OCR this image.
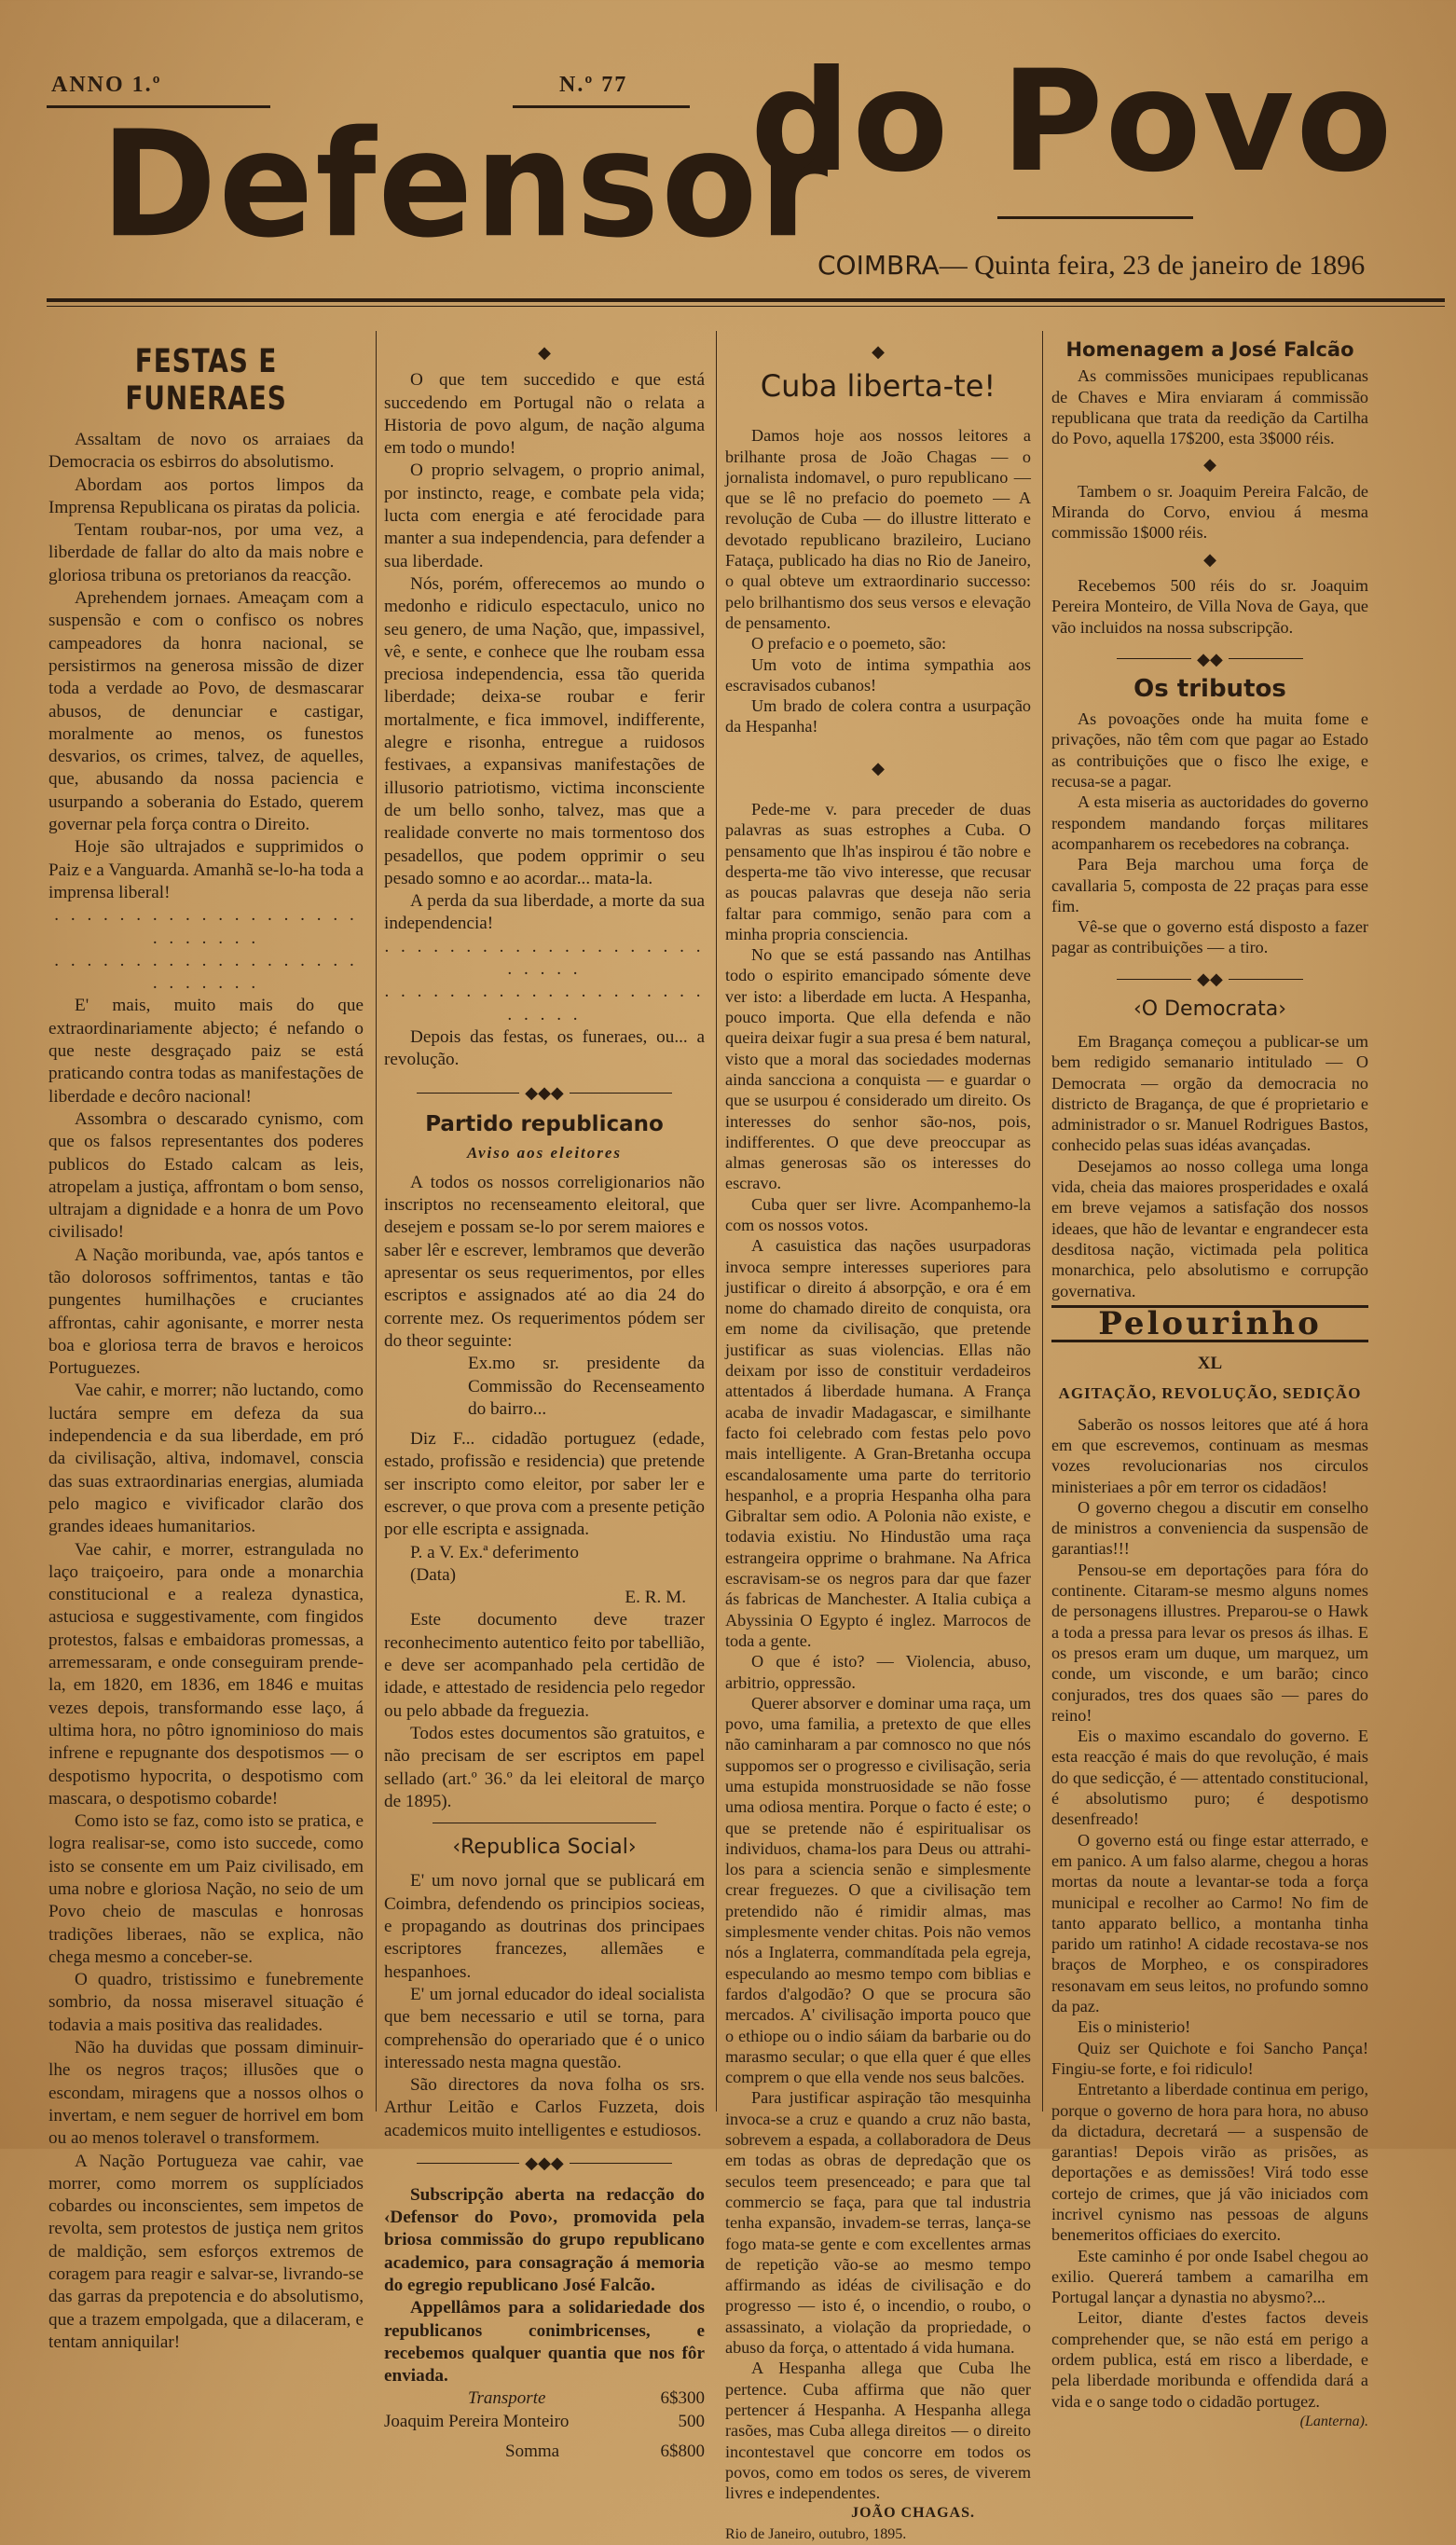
ANNO 1.º	N.º 77
Defensor
do Povo
COIMBRA— Quinta feira, 23 de janeiro de 1896
FESTAS E FUNERAES

Assaltam de novo os arraiaes da Democracia os esbirros do absolutismo.

Abordam aos portos limpos da Imprensa Republicana os piratas da policia.

Tentam roubar-nos, por uma vez, a liberdade de fallar do alto da mais nobre e gloriosa tribuna os pretorianos da reacção.

Aprehendem jornaes. Ameaçam com a suspensão e com o confisco os nobres campeadores da honra nacional, se persistirmos na generosa missão de dizer toda a verdade ao Povo, de desmascarar abusos, de denunciar e castigar, moralmente ao menos, os funestos desvarios, os crimes, talvez, de aquelles, que, abusando da nossa paciencia e usurpando a soberania do Estado, querem governar pela força contra o Direito.

Hoje são ultrajados e supprimidos o Paiz e a Vanguarda. Amanhã se-lo-ha toda a imprensa liberal!

. . . . . . . . . . . . . . . . . . . . . . . . . .

. . . . . . . . . . . . . . . . . . . . . . . . . .

E' mais, muito mais do que extraordinariamente abjecto; é nefando o que neste desgraçado paiz se está praticando contra todas as manifestações de liberdade e decôro nacional!

Assombra o descarado cynismo, com que os falsos representantes dos poderes publicos do Estado calcam as leis, atropelam a justiça, affrontam o bom senso, ultrajam a dignidade e a honra de um Povo civilisado!

A Nação moribunda, vae, após tantos e tão dolorosos soffrimentos, tantas e tão pungentes humilhações e cruciantes affrontas, cahir agonisante, e morrer nesta boa e gloriosa terra de bravos e heroicos Portuguezes.

Vae cahir, e morrer; não luctando, como luctára sempre em defeza da sua independencia e da sua liberdade, em pró da civilisação, altiva, indomavel, conscia das suas extraordinarias energias, alumiada pelo magico e vivificador clarão dos grandes ideaes humanitarios.

Vae cahir, e morrer, estrangulada no laço traiçoeiro, para onde a monarchia constitucional e a realeza dynastica, astuciosa e suggestivamente, com fingidos protestos, falsas e embaidoras promessas, a arremessaram, e onde conseguiram prende-la, em 1820, em 1836, em 1846 e muitas vezes depois, transformando esse laço, á ultima hora, no pôtro ignominioso do mais infrene e repugnante dos despotismos — o despotismo hypocrita, o despotismo com mascara, o despotismo cobarde!

Como isto se faz, como isto se pratica, e logra realisar-se, como isto succede, como isto se consente em um Paiz civilisado, em uma nobre e gloriosa Nação, no seio de um Povo cheio de masculas e honrosas tradições liberaes, não se explica, não chega mesmo a conceber-se.

O quadro, tristissimo e funebremente sombrio, da nossa miseravel situação é todavia a mais positiva das realidades.

Não ha duvidas que possam diminuir-lhe os negros traços; illusões que o escondam, miragens que a nossos olhos o invertam, e nem seguer de horrivel em bom ou ao menos toleravel o transformem.

A Nação Portugueza vae cahir, vae morrer, como morrem os supplíciados cobardes ou inconscientes, sem impetos de revolta, sem protestos de justiça nem gritos de maldição, sem esforços extremos de coragem para reagir e salvar-se, livrando-se das garras da prepotencia e do absolutismo, que a trazem empolgada, que a dilaceram, e tentam anniquilar!

◆

O que tem succedido e que está succedendo em Portugal não o relata a Historia de povo algum, de nação alguma em todo o mundo!

O proprio selvagem, o proprio animal, por instincto, reage, e combate pela vida; lucta com energia e até ferocidade para manter a sua independencia, para defender a sua liberdade.

Nós, porém, offerecemos ao mundo o medonho e ridiculo espectaculo, unico no seu genero, de uma Nação, que, impassivel, vê, e sente, e conhece que lhe roubam essa preciosa independencia, essa tão querida liberdade; deixa-se roubar e ferir mortalmente, e fica immovel, indifferente, alegre e risonha, entregue a ruidosos festivaes, a expansivas manifestações de illusorio patriotismo, victima inconsciente de um bello sonho, talvez, mas que a realidade converte no mais tormentoso dos pesadellos, que podem opprimir o seu pesado somno e ao acordar... mata-la.

A perda da sua liberdade, a morte da sua independencia!

. . . . . . . . . . . . . . . . . . . . . . . . .

. . . . . . . . . . . . . . . . . . . . . . . . .

Depois das festas, os funeraes, ou... a revolução.

◆◆◆
Partido republicano
Aviso aos eleitores

A todos os nossos correligionarios não inscriptos no recenseamento eleitoral, que desejem e possam se-lo por serem maiores e saber lêr e escrever, lembramos que deverão apresentar os seus requerimentos, por elles escriptos e assignados até ao dia 24 do corrente mez. Os requerimentos pódem ser do theor seguinte:

Ex.mo sr. presidente da Commissão do Recenseamento do bairro...

Diz F... cidadão portuguez (edade, estado, profissão e residencia) que pretende ser inscripto como eleitor, por saber ler e escrever, o que prova com a presente petição por elle escripta e assignada.

P. a V. Ex.ª deferimento

(Data)

E. R. M.

Este documento deve trazer reconhecimento autentico feito por tabellião, e deve ser acompanhado pela certidão de idade, e attestado de residencia pelo regedor ou pelo abbade da freguezia.

Todos estes documentos são gratuitos, e não precisam de ser escriptos em papel sellado (art.º 36.º da lei eleitoral de março de 1895).

‹Republica Social›

E' um novo jornal que se publicará em Coimbra, defendendo os principios socieas, e propagando as doutrinas dos principaes escriptores francezes, allemães e hespanhoes.

E' um jornal educador do ideal socialista que bem necessario e util se torna, para comprehensão do operariado que é o unico interessado nesta magna questão.

São directores da nova folha os srs. Arthur Leitão e Carlos Fuzzeta, dois academicos muito intelligentes e estudiosos.

◆◆◆

Subscripção aberta na redacção do ‹Defensor do Povo›, promovida pela briosa commissão do grupo republicano academico, para consagração á memoria do egregio republicano José Falcão.

Appellâmos para a solidariedade dos republicanos conimbricenses, e recebemos qualquer quantia que nos fôr enviada.

Transporte	6$300
Joaquim Pereira Monteiro	500
Somma	6$800
◆
Cuba liberta-te!

Damos hoje aos nossos leitores a brilhante prosa de João Chagas — o jornalista indomavel, o puro republicano — que se lê no prefacio do poemeto — A revolução de Cuba — do illustre litterato e devotado republicano brazileiro, Luciano Fataça, publicado ha dias no Rio de Janeiro, o qual obteve um extraordinario successo: pelo brilhantismo dos seus versos e elevação de pensamento.

O prefacio e o poemeto, são:

Um voto de intima sympathia aos escravisados cubanos!

Um brado de colera contra a usurpação da Hespanha!

◆

Pede-me v. para preceder de duas palavras as suas estrophes a Cuba. O pensamento que lh'as inspirou é tão nobre e desperta-me tão vivo interesse, que recusar as poucas palavras que deseja não seria faltar para commigo, senão para com a minha propria consciencia.

No que se está passando nas Antilhas todo o espirito emancipado sómente deve ver isto: a liberdade em lucta. A Hespanha, pouco importa. Que ella defenda e não queira deixar fugir a sua presa é bem natural, visto que a moral das sociedades modernas ainda sancciona a conquista — e guardar o que se usurpou é considerado um direito. Os interesses do senhor são-nos, pois, indifferentes. O que deve preoccupar as almas generosas são os interesses do escravo.

Cuba quer ser livre. Acompanhemo-la com os nossos votos.

A casuistica das nações usurpadoras invoca sempre interesses superiores para justificar o direito á absorpção, e ora é em nome do chamado direito de conquista, ora em nome da civilisação, que pretende justificar as suas violencias. Ellas não deixam por isso de constituir verdadeiros attentados á liberdade humana. A França acaba de invadir Madagascar, e similhante facto foi celebrado com festas pelo povo mais intelligente. A Gran-Bretanha occupa escandalosamente uma parte do territorio hespanhol, e a propria Hespanha olha para Gibraltar sem odio. A Polonia não existe, e todavia existiu. No Hindustão uma raça estrangeira opprime o brahmane. Na Africa escravisam-se os negros para dar que fazer ás fabricas de Manchester. A Italia cubiça a Abyssinia O Egypto é inglez. Marrocos de toda a gente.

O que é isto? — Violencia, abuso, arbitrio, oppressão.

Querer absorver e dominar uma raça, um povo, uma familia, a pretexto de que elles não caminharam a par comnosco no que nós suppomos ser o progresso e civilisação, seria uma estupida monstruosidade se não fosse uma odiosa mentira. Porque o facto é este; o que se pretende não é espiritualisar os individuos, chama-los para Deus ou attrahi-los para a sciencia senão e simplesmente crear freguezes. O que a civilisação tem pretendido não é rimidir almas, mas simplesmente vender chitas. Pois não vemos nós a Inglaterra, commandítada pela egreja, especulando ao mesmo tempo com biblias e fardos d'algodão? O que se procura são mercados. A' civilisação importa pouco que o ethiope ou o indio sáiam da barbarie ou do marasmo secular; o que ella quer é que elles comprem o que ella vende nos seus balcões.

Para justificar aspiração tão mesquinha invoca-se a cruz e quando a cruz não basta, sobrevem a espada, a collaboradora de Deus em todas as obras de depredação que os seculos teem presenceado; e para que tal commercio se faça, para que tal industria tenha expansão, invadem-se terras, lança-se fogo mata-se gente e com excellentes armas de repetição vão-se ao mesmo tempo affirmando as idéas de civilisação e do progresso — isto é, o incendio, o roubo, o assassinato, a violação da propriedade, o abuso da força, o attentado á vida humana.

A Hespanha allega que Cuba lhe pertence. Cuba affirma que não quer pertencer á Hespanha. A Hespanha allega rasões, mas Cuba allega direitos — o direito incontestavel que concorre em todos os povos, como em todos os seres, de viverem livres e independentes.

JOÃO CHAGAS.

Rio de Janeiro, outubro, 1895.

Homenagem a José Falcão

As commissões municipaes republicanas de Chaves e Mira enviaram á commissão republicana que trata da reedição da Cartilha do Povo, aquella 17$200, esta 3$000 réis.

◆

Tambem o sr. Joaquim Pereira Falcão, de Miranda do Corvo, enviou á mesma commissão 1$000 réis.

◆

Recebemos 500 réis do sr. Joaquim Pereira Monteiro, de Villa Nova de Gaya, que vão incluidos na nossa subscripção.

◆◆
Os tributos

As povoações onde ha muita fome e privações, não têm com que pagar ao Estado as contribuições que o fisco lhe exige, e recusa-se a pagar.

A esta miseria as auctoridades do governo respondem mandando forças militares acompanharem os recebedores na cobrança.

Para Beja marchou uma força de cavallaria 5, composta de 22 praças para esse fim.

Vê-se que o governo está disposto a fazer pagar as contribuições — a tiro.

◆◆
‹O Democrata›

Em Bragança começou a publicar-se um bem redigido semanario intitulado — O Democrata — orgão da democracia no districto de Bragança, de que é proprietario e administrador o sr. Manuel Rodrigues Bastos, conhecido pelas suas idéas avançadas.

Desejamos ao nosso collega uma longa vida, cheia das maiores prosperidades e oxalá em breve vejamos a satisfação dos nossos ideaes, que hão de levantar e engrandecer esta desditosa nação, victimada pela politica monarchica, pelo absolutismo e corrupção governativa.

Pelourinho
XL
AGITAÇÃO, REVOLUÇÃO, SEDIÇÃO

Saberão os nossos leitores que até á hora em que escrevemos, continuam as mesmas vozes revolucionarias nos circulos ministeriaes a pôr em terror os cidadãos!

O governo chegou a discutir em conselho de ministros a conveniencia da suspensão de garantias!!!

Pensou-se em deportações para fóra do continente. Citaram-se mesmo alguns nomes de personagens illustres. Preparou-se o Hawk a toda a pressa para levar os presos ás ilhas. E os presos eram um duque, um marquez, um conde, um visconde, e um barão; cinco conjurados, tres dos quaes são — pares do reino!

Eis o maximo escandalo do governo. E esta reacção é mais do que revolução, é mais do que sedicção, é — attentado constitucional, é absolutismo puro; é despotismo desenfreado!

O governo está ou finge estar atterrado, e em panico. A um falso alarme, chegou a horas mortas da noute a levantar-se toda a força municipal e recolher ao Carmo! No fim de tanto apparato bellico, a montanha tinha parido um ratinho! A cidade recostava-se nos braços de Morpheo, e os conspiradores resonavam em seus leitos, no profundo somno da paz.

Eis o ministerio!

Quiz ser Quichote e foi Sancho Pança! Fingiu-se forte, e foi ridiculo!

Entretanto a liberdade continua em perigo, porque o governo de hora para hora, no abuso da dictadura, decretará — a suspensão de garantias! Depois virão as prisões, as deportações e as demissões! Virá todo esse cortejo de crimes, que já vão iniciados com incrivel cynismo nas pessoas de alguns benemeritos officiaes do exercito.

Este caminho é por onde Isabel chegou ao exilio. Quererá tambem a camarilha em Portugal lançar a dynastia no abysmo?...

Leitor, diante d'estes factos deveis comprehender que, se não está em perigo a ordem publica, está em risco a liberdade, e pela liberdade moribunda e offendida dará a vida e o sange todo o cidadão portugez.

(Lanterna).
